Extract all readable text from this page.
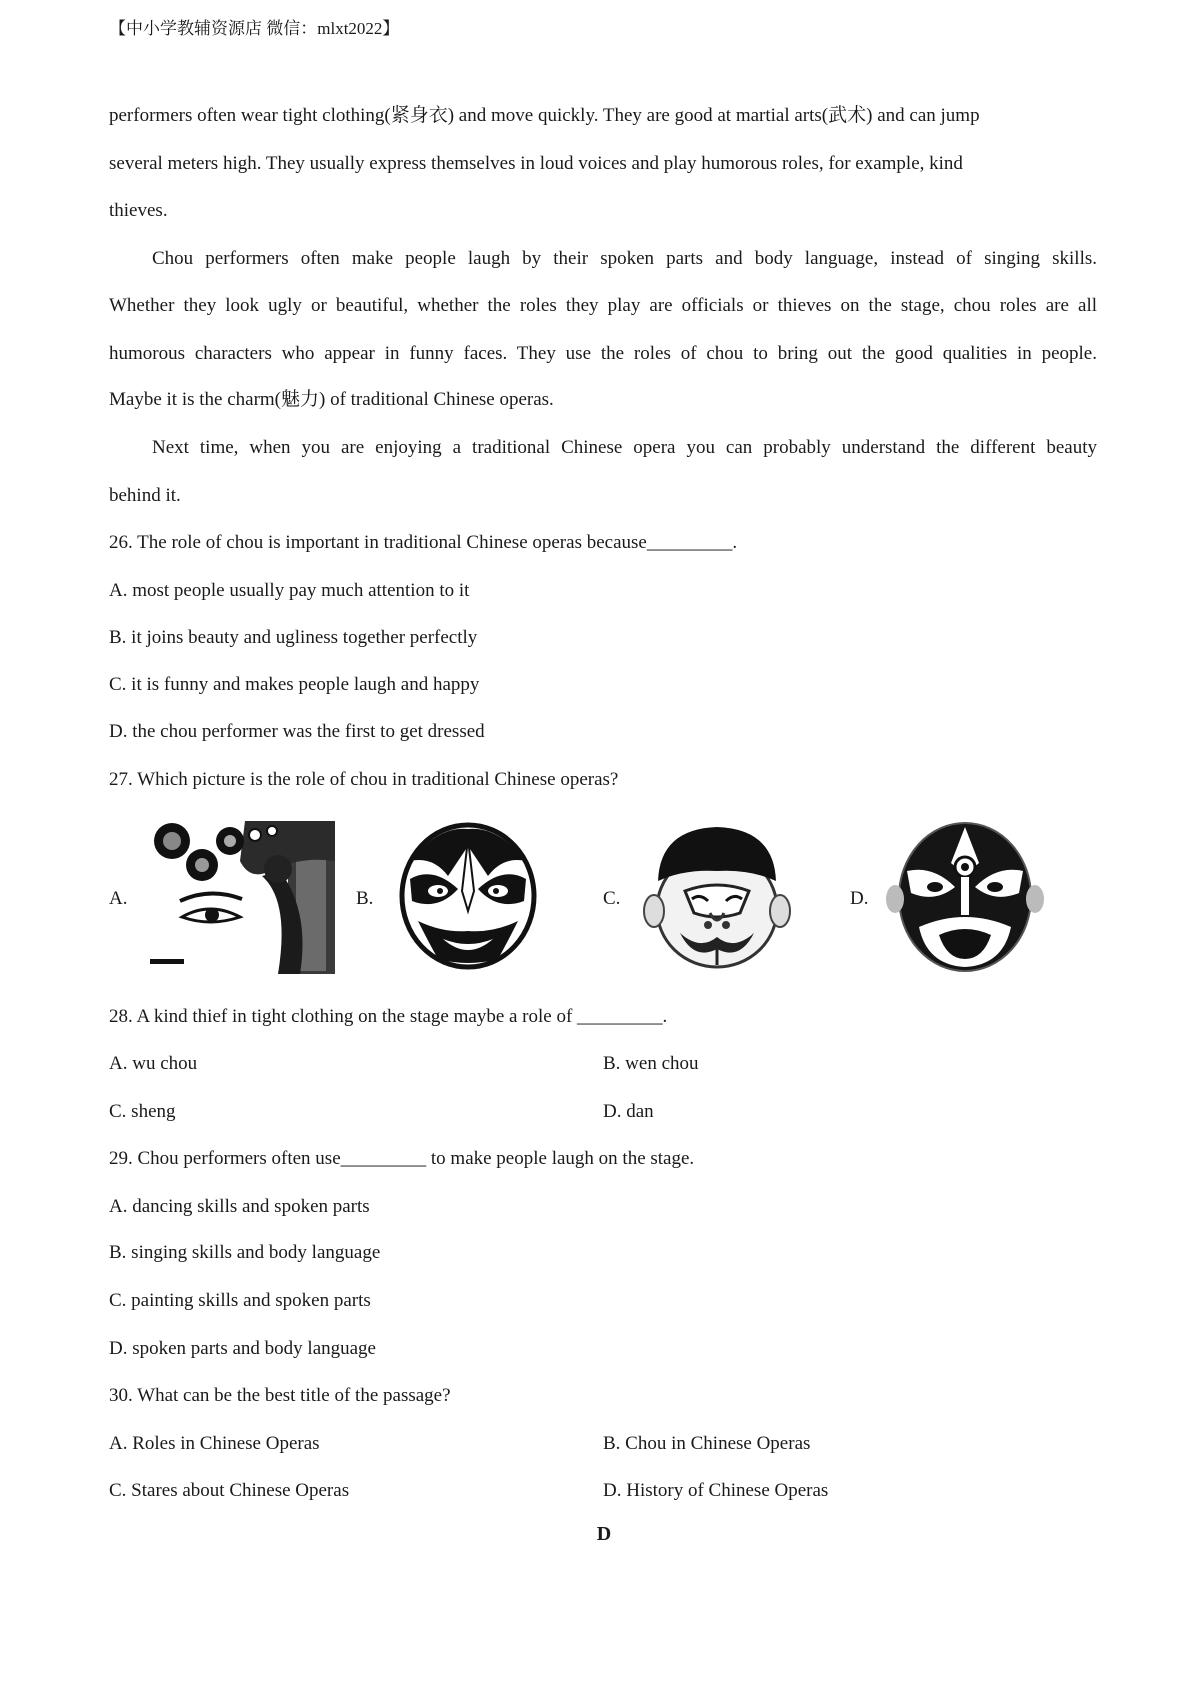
【中小学教辅资源店 微信：mlxt2022】
performers often wear tight clothing(紧身衣) and move quickly. They are good at martial arts(武术) and can jump
several meters high. They usually express themselves in loud voices and play humorous roles, for example, kind
thieves.
Chou performers often make people laugh by their spoken parts and body language, instead of singing skills.
Whether they look ugly or beautiful, whether the roles they play are officials or thieves on the stage, chou roles are all
humorous characters who appear in funny faces. They use the roles of chou to bring out the good qualities in people.
Maybe it is the charm(魅力) of traditional Chinese operas.
Next time, when you are enjoying a traditional Chinese opera you can probably understand the different beauty
behind it.
26. The role of chou is important in traditional Chinese operas because_________.
A. most people usually pay much attention to it
B. it joins beauty and ugliness together perfectly
C. it is funny and makes people laugh and happy
D. the chou performer was the first to get dressed
27. Which picture is the role of chou in traditional Chinese operas?
A.	B.	C.	D.
28. A kind thief in tight clothing on the stage maybe a role of _________.
A. wu chou	B. wen chou
C. sheng	D. dan
29. Chou performers often use_________ to make people laugh on the stage.
A. dancing skills and spoken parts
B. singing skills and body language
C. painting skills and spoken parts
D. spoken parts and body language
30. What can be the best title of the passage?
A. Roles in Chinese Operas	B. Chou in Chinese Operas
C. Stares about Chinese Operas	D. History of Chinese Operas
D
